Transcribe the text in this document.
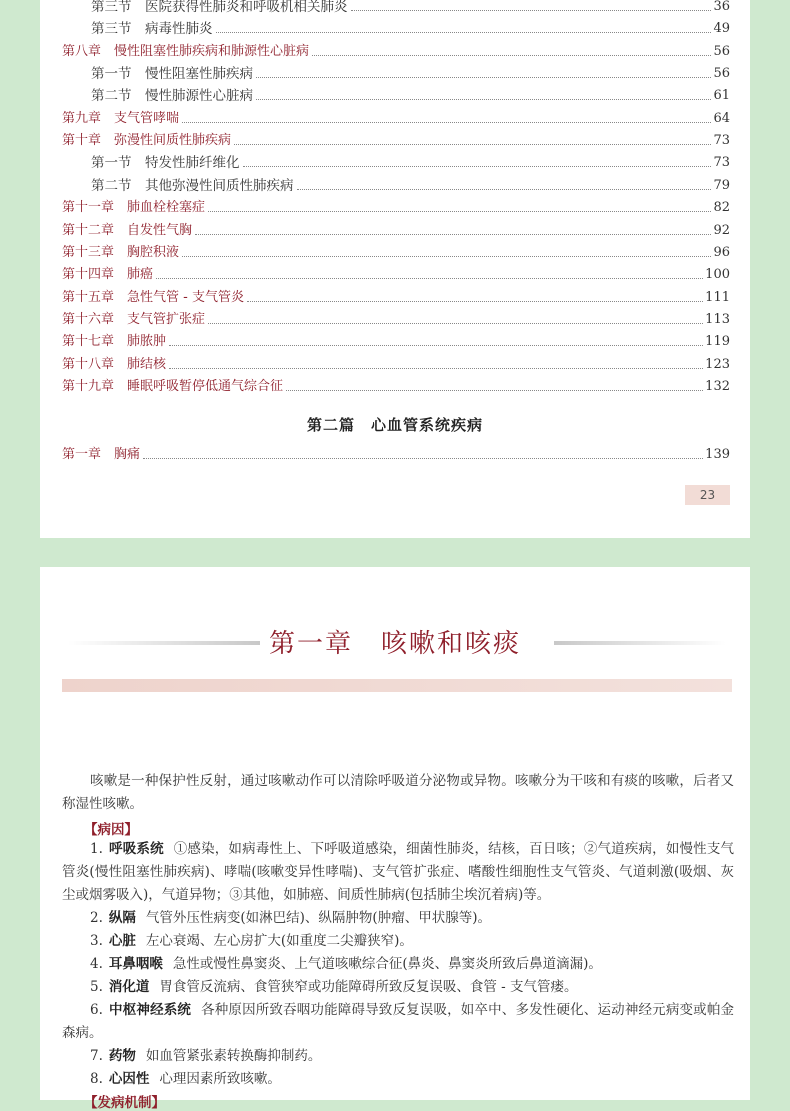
第三节　医院获得性肺炎和呼吸机相关肺炎	36
第三节　病毒性肺炎	49
第八章　慢性阻塞性肺疾病和肺源性心脏病	56
第一节　慢性阻塞性肺疾病	56
第二节　慢性肺源性心脏病	61
第九章　支气管哮喘	64
第十章　弥漫性间质性肺疾病	73
第一节　特发性肺纤维化	73
第二节　其他弥漫性间质性肺疾病	79
第十一章　肺血栓栓塞症	82
第十二章　自发性气胸	92
第十三章　胸腔积液	96
第十四章　肺癌	100
第十五章　急性气管 - 支气管炎	111
第十六章　支气管扩张症	113
第十七章　肺脓肿	119
第十八章　肺结核	123
第十九章　睡眠呼吸暂停低通气综合征	132
第二篇　心血管系统疾病
第一章　胸痛	139
23
第一章　咳嗽和咳痰
咳嗽是一种保护性反射，通过咳嗽动作可以清除呼吸道分泌物或异物。咳嗽分为干咳和有痰的咳嗽，后者又称湿性咳嗽。
【病因】
1. 呼吸系统 ①感染，如病毒性上、下呼吸道感染，细菌性肺炎，结核，百日咳；②气道疾病，如慢性支气管炎(慢性阻塞性肺疾病)、哮喘(咳嗽变异性哮喘)、支气管扩张症、嗜酸性细胞性支气管炎、气道刺激(吸烟、灰尘或烟雾吸入)，气道异物；③其他，如肺癌、间质性肺病(包括肺尘埃沉着病)等。
2. 纵隔 气管外压性病变(如淋巴结)、纵隔肿物(肿瘤、甲状腺等)。
3. 心脏 左心衰竭、左心房扩大(如重度二尖瓣狭窄)。
4. 耳鼻咽喉 急性或慢性鼻窦炎、上气道咳嗽综合征(鼻炎、鼻窦炎所致后鼻道滴漏)。
5. 消化道 胃食管反流病、食管狭窄或功能障碍所致反复误吸、食管 - 支气管瘘。
6. 中枢神经系统 各种原因所致吞咽功能障碍导致反复误吸，如卒中、多发性硬化、运动神经元病变或帕金森病。
7. 药物 如血管紧张素转换酶抑制药。
8. 心因性 心理因素所致咳嗽。
【发病机制】
